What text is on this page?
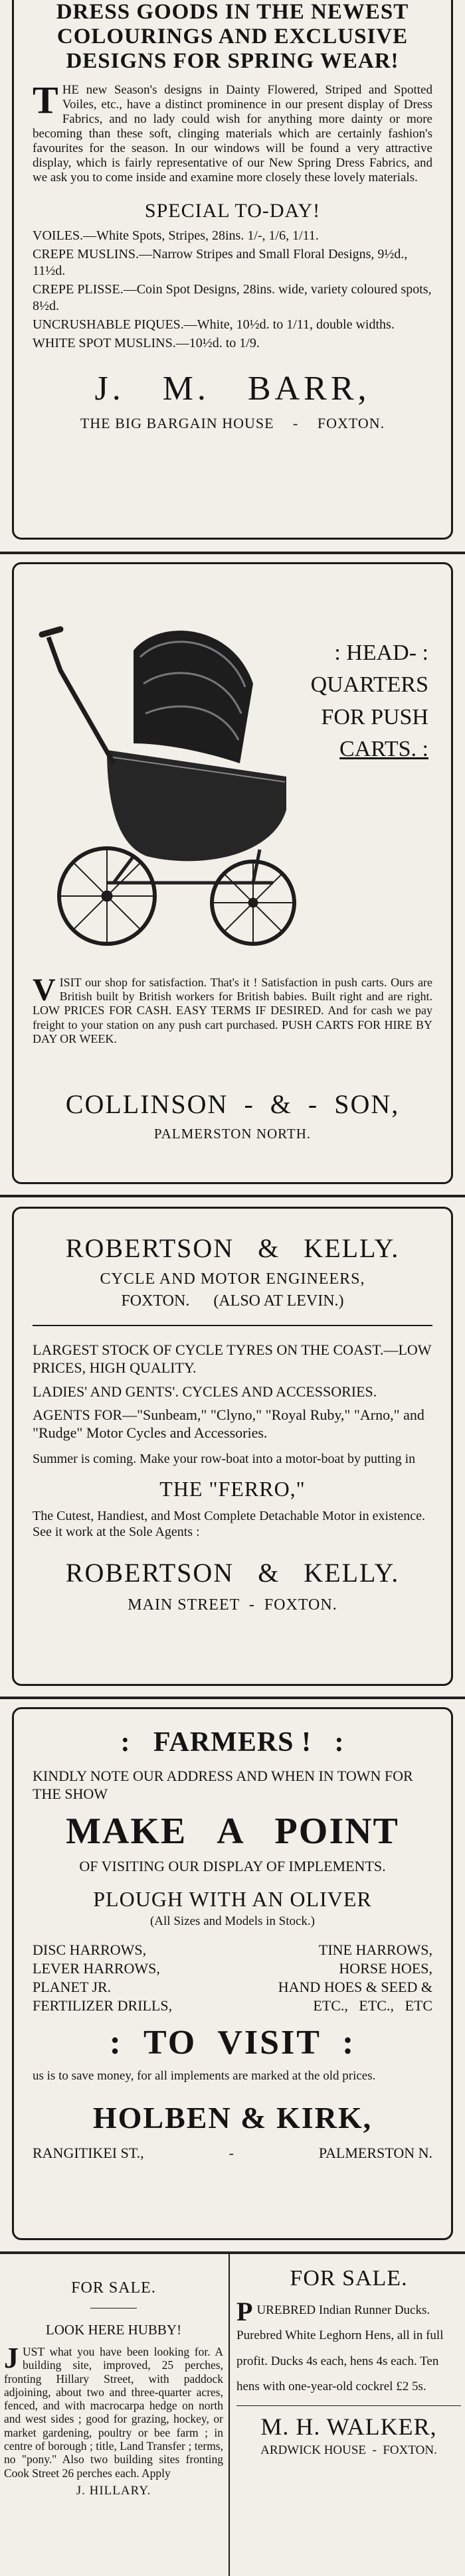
DRESS GOODS IN THE NEWEST
COLOURINGS AND EXCLUSIVE
DESIGNS FOR SPRING WEAR!
T HE new Season's designs in Dainty Flowered, Striped and Spotted Voiles, etc., have a distinct prominence in our present display of Dress Fabrics, and no lady could wish for anything more dainty or more becoming than these soft, clinging materials which are certainly fashion's favourites for the season. In our windows will be found a very attractive display, which is fairly representative of our New Spring Dress Fabrics, and we ask you to come inside and examine more closely these lovely materials.
SPECIAL TO-DAY!
VOILES.—White Spots, Stripes, 28ins. 1/-, 1/6, 1/11.
CREPE MUSLINS.—Narrow Stripes and Small Floral Designs, 9½d., 11½d.
CREPE PLISSE.—Coin Spot Designs, 28ins. wide, variety coloured spots, 8½d.
UNCRUSHABLE PIQUES.—White, 10½d. to 1/11, double widths.
WHITE SPOT MUSLINS.—10½d. to 1/9.
J.   M.   BARR,
THE BIG BARGAIN HOUSE - FOXTON.
: HEAD- :
QUARTERS
FOR PUSH
CARTS. :
V ISIT our shop for satisfaction. That's it ! Satisfaction in push carts. Ours are British built by British workers for British babies. Built right and are right. LOW PRICES FOR CASH. EASY TERMS IF DESIRED. And for cash we pay freight to your station on any push cart purchased. PUSH CARTS FOR HIRE BY DAY OR WEEK.
COLLINSON  -  &  -  SON,
PALMERSTON NORTH.
ROBERTSON   &   KELLY.
CYCLE AND MOTOR ENGINEERS,
FOXTON. (ALSO AT LEVIN.)
LARGEST STOCK OF CYCLE TYRES ON THE COAST.—LOW PRICES, HIGH QUALITY.
LADIES' AND GENTS'. CYCLES AND ACCESSORIES.
AGENTS FOR—"Sunbeam," "Clyno," "Royal Ruby," "Arno," and "Rudge" Motor Cycles and Accessories.
Summer is coming. Make your row-boat into a motor-boat by putting in
THE "FERRO,"
The Cutest, Handiest, and Most Complete Detachable Motor in existence. See it work at the Sole Agents :
ROBERTSON   &   KELLY.
MAIN STREET  -  FOXTON.
:   FARMERS !   :
KINDLY NOTE OUR ADDRESS AND WHEN IN TOWN FOR THE SHOW
MAKE   A   POINT
OF VISITING OUR DISPLAY OF IMPLEMENTS.
PLOUGH WITH AN OLIVER
(All Sizes and Models in Stock.)
DISC HARROWS,	TINE HARROWS,
LEVER HARROWS,	HORSE HOES,
PLANET JR.	HAND HOES & SEED &
FERTILIZER DRILLS,	ETC.,   ETC.,   ETC
:  TO  VISIT  :
us is to save money, for all implements are marked at the old prices.
HOLBEN & KIRK,
RANGITIKEI ST.,	-	PALMERSTON N.
FOR SALE.
LOOK HERE HUBBY!
J UST what you have been looking for. A building site, improved, 25 perches, fronting Hillary Street, with paddock adjoining, about two and three-quarter acres, fenced, and with macrocarpa hedge on north and west sides ; good for grazing, hockey, or market gardening, poultry or bee farm ; in centre of borough ; title, Land Transfer ; terms, no "pony." Also two building sites fronting Cook Street 26 perches each. Apply
J. HILLARY.
FOR SALE.
P UREBRED Indian Runner Ducks. Purebred White Leghorn Hens, all in full profit. Ducks 4s each, hens 4s each. Ten hens with one-year-old cockrel £2 5s.
M. H. WALKER,
ARDWICK HOUSE  -  FOXTON.
